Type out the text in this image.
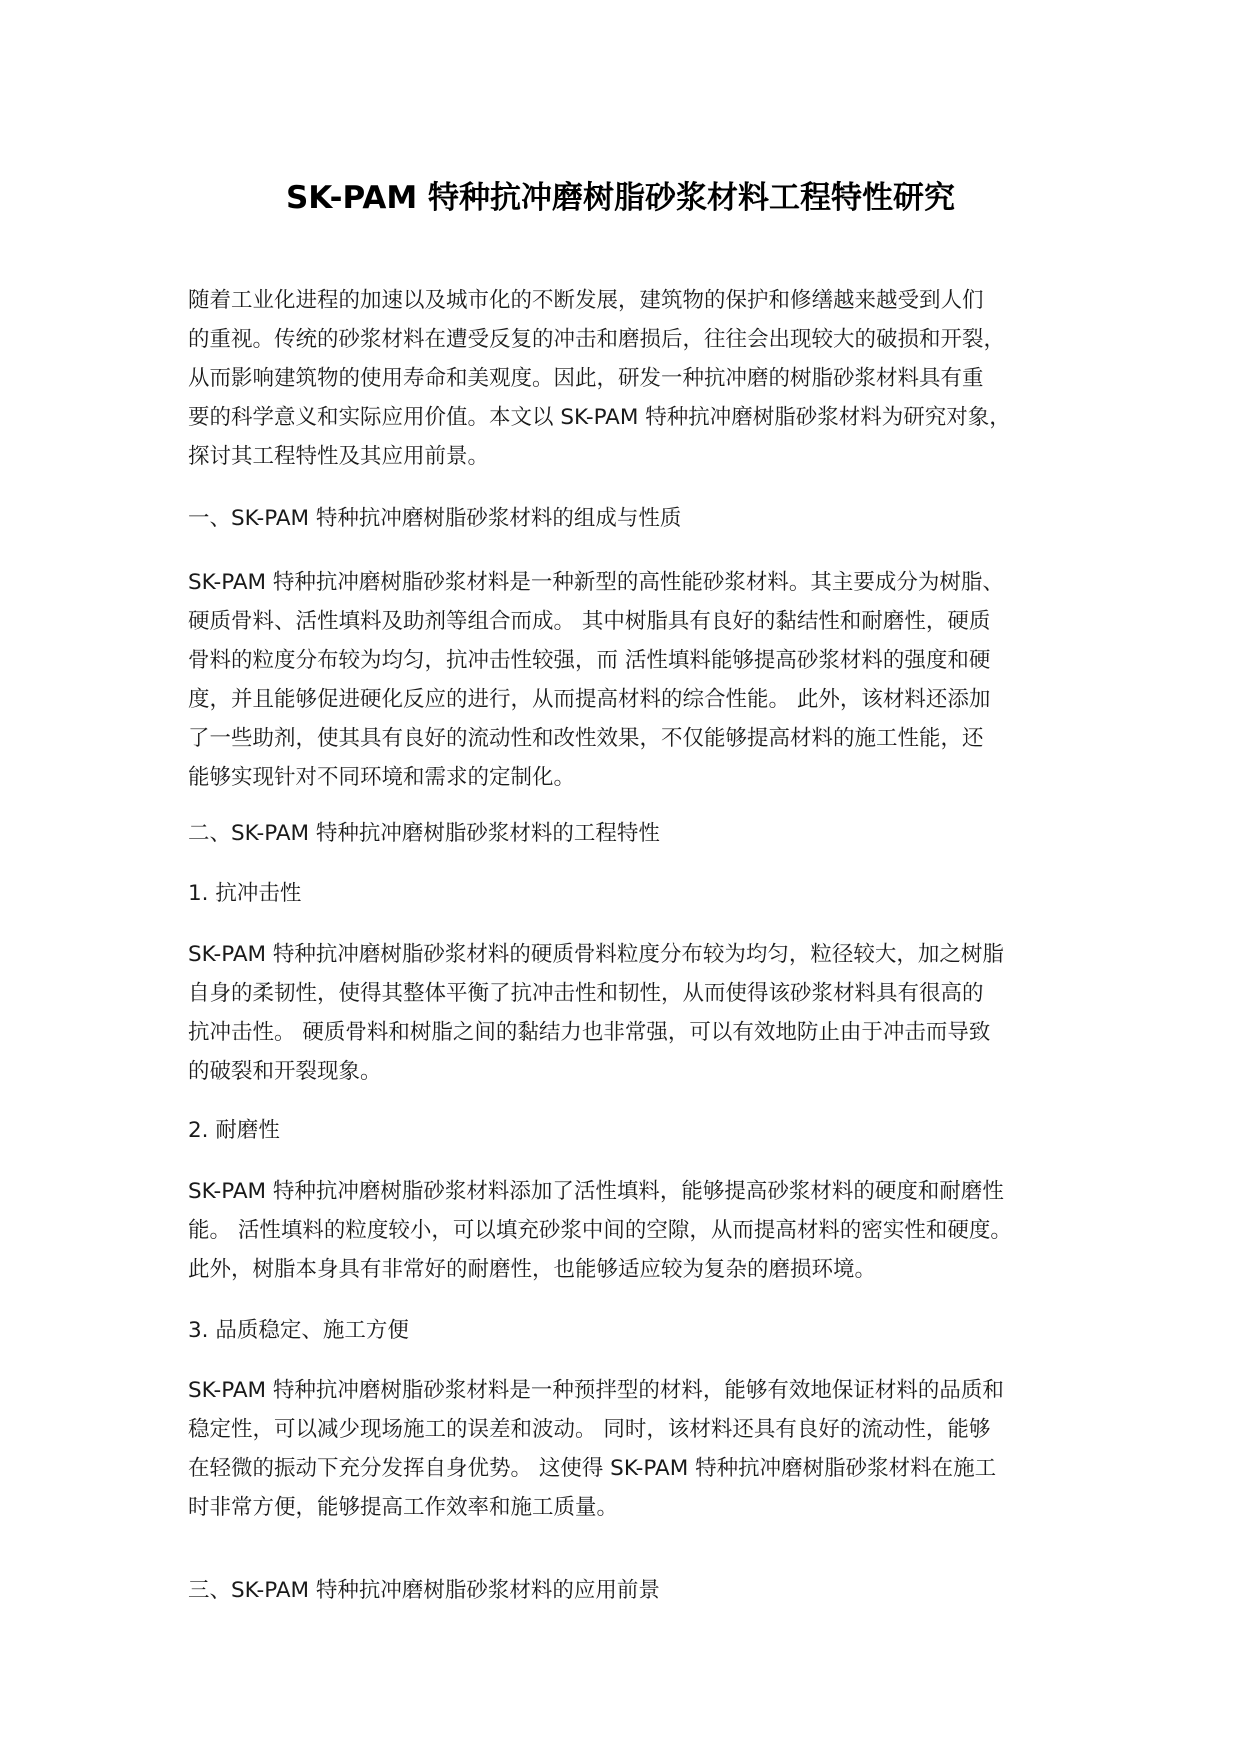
SK-PAM 特种抗冲磨树脂砂浆材料工程特性研究
随着工业化进程的加速以及城市化的不断发展，建筑物的保护和修缮越来越受到人们
的重视。传统的砂浆材料在遭受反复的冲击和磨损后，往往会出现较大的破损和开裂，
从而影响建筑物的使用寿命和美观度。因此，研发一种抗冲磨的树脂砂浆材料具有重
要的科学意义和实际应用价值。本文以 SK-PAM 特种抗冲磨树脂砂浆材料为研究对象，
探讨其工程特性及其应用前景。
一、SK-PAM 特种抗冲磨树脂砂浆材料的组成与性质
SK-PAM 特种抗冲磨树脂砂浆材料是一种新型的高性能砂浆材料。其主要成分为树脂、
硬质骨料、活性填料及助剂等组合而成。 其中树脂具有良好的黏结性和耐磨性，硬质
骨料的粒度分布较为均匀，抗冲击性较强，而 活性填料能够提高砂浆材料的强度和硬
度，并且能够促进硬化反应的进行，从而提高材料的综合性能。 此外，该材料还添加
了一些助剂，使其具有良好的流动性和改性效果，不仅能够提高材料的施工性能，还
能够实现针对不同环境和需求的定制化。
二、SK-PAM 特种抗冲磨树脂砂浆材料的工程特性
1. 抗冲击性
SK-PAM 特种抗冲磨树脂砂浆材料的硬质骨料粒度分布较为均匀，粒径较大，加之树脂
自身的柔韧性，使得其整体平衡了抗冲击性和韧性，从而使得该砂浆材料具有很高的
抗冲击性。 硬质骨料和树脂之间的黏结力也非常强，可以有效地防止由于冲击而导致
的破裂和开裂现象。
2. 耐磨性
SK-PAM 特种抗冲磨树脂砂浆材料添加了活性填料，能够提高砂浆材料的硬度和耐磨性
能。 活性填料的粒度较小，可以填充砂浆中间的空隙，从而提高材料的密实性和硬度。
此外，树脂本身具有非常好的耐磨性，也能够适应较为复杂的磨损环境。
3. 品质稳定、施工方便
SK-PAM 特种抗冲磨树脂砂浆材料是一种预拌型的材料，能够有效地保证材料的品质和
稳定性，可以减少现场施工的误差和波动。 同时，该材料还具有良好的流动性，能够
在轻微的振动下充分发挥自身优势。 这使得 SK-PAM 特种抗冲磨树脂砂浆材料在施工
时非常方便，能够提高工作效率和施工质量。
三、SK-PAM 特种抗冲磨树脂砂浆材料的应用前景
